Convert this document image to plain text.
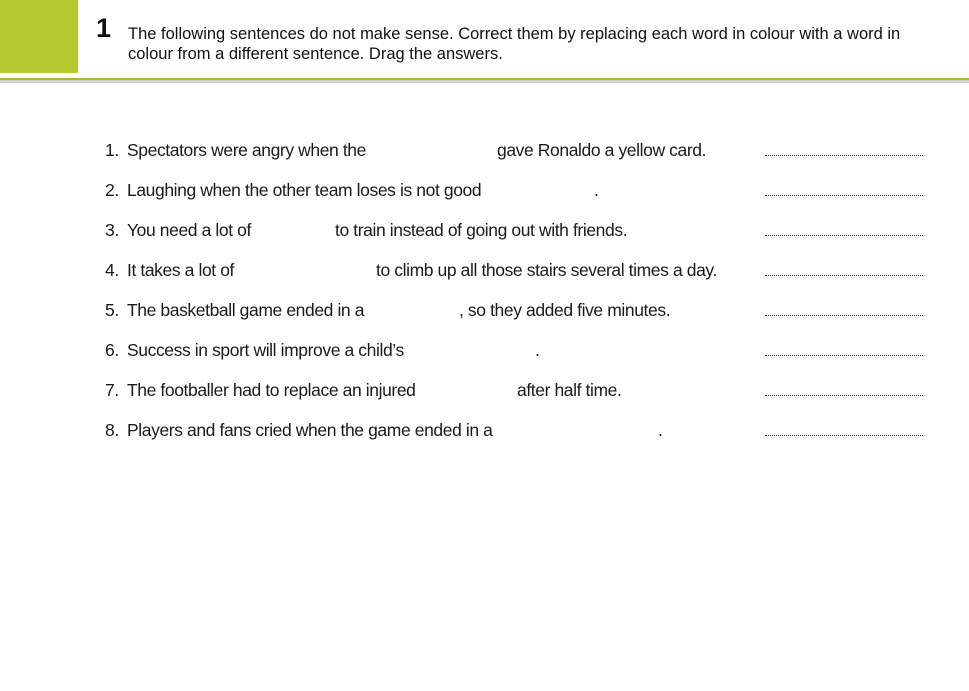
1 The following sentences do not make sense. Correct them by replacing each word in colour with a word in colour from a different sentence. Drag the answers.
1. Spectators were angry when the	gave Ronaldo a yellow card.
2. Laughing when the other team loses is not good	.
3. You need a lot of	to train instead of going out with friends.
4. It takes a lot of	to climb up all those stairs several times a day.
5. The basketball game ended in a	, so they added five minutes.
6. Success in sport will improve a child’s	.
7. The footballer had to replace an injured	after half time.
8. Players and fans cried when the game ended in a	.
